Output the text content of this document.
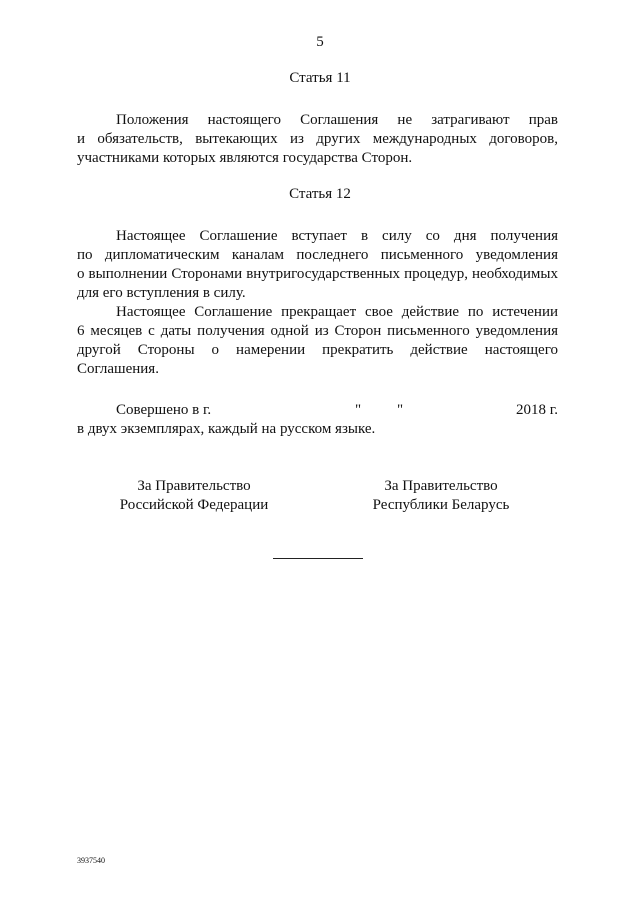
5
Статья 11
Положения настоящего Соглашения не затрагивают прав
и обязательств, вытекающих из других международных договоров,
участниками которых являются государства Сторон.
Статья 12
Настоящее Соглашение вступает в силу со дня получения
по дипломатическим каналам последнего письменного уведомления
о выполнении Сторонами внутригосударственных процедур, необходимых
для его вступления в силу.
Настоящее Соглашение прекращает свое действие по истечении
6 месяцев с даты получения одной из Сторон письменного уведомления
другой Стороны о намерении прекратить действие настоящего
Соглашения.
Совершено в г.	" "	2018 г.
в двух экземплярах, каждый на русском языке.
За Правительство
Российской Федерации
За Правительство
Республики Беларусь
3937540
